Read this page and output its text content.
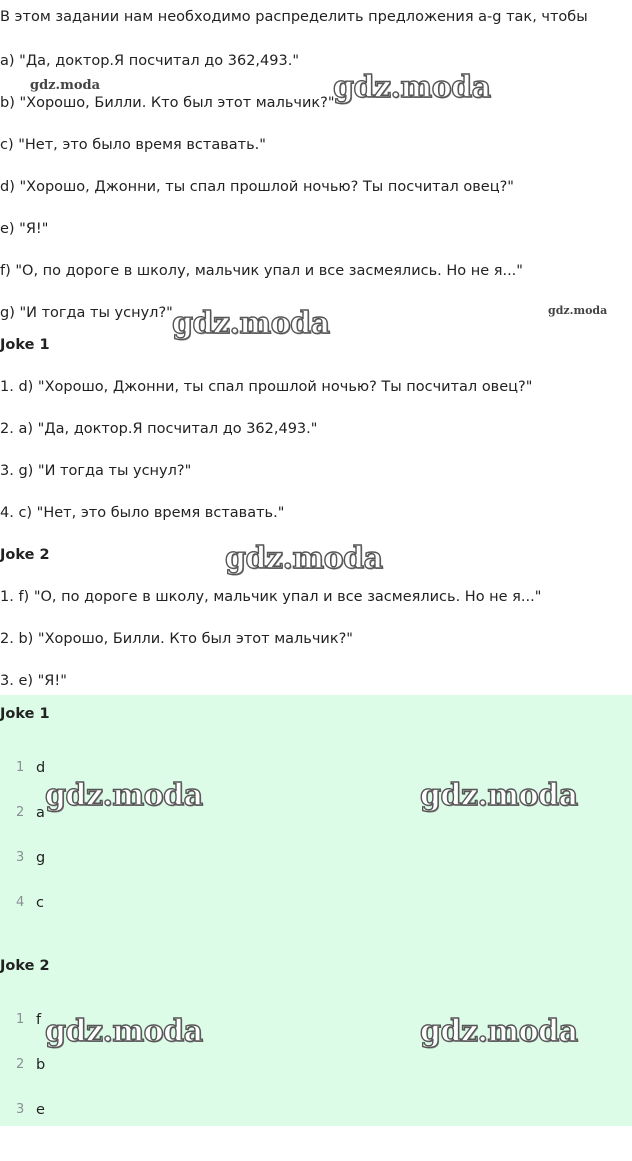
В этом задании нам необходимо распределить предложения a-g так, чтобы
a) "Да, доктор.Я посчитал до 362,493."
b) "Хорошо, Билли. Кто был этот мальчик?"
c) "Нет, это было время вставать."
d) "Хорошо, Джонни, ты спал прошлой ночью? Ты посчитал овец?"
e) "Я!"
f) "О, по дороге в школу, мальчик упал и все засмеялись. Но не я..."
g) "И тогда ты уснул?"
Joke 1
1. d) "Хорошо, Джонни, ты спал прошлой ночью? Ты посчитал овец?"
2. a) "Да, доктор.Я посчитал до 362,493."
3. g) "И тогда ты уснул?"
4. c) "Нет, это было время вставать."
Joke 2
1. f) "О, по дороге в школу, мальчик упал и все засмеялись. Но не я..."
2. b) "Хорошо, Билли. Кто был этот мальчик?"
3. e) "Я!"
Joke 1
1 d
2 a
3 g
4 c
Joke 2
1 f
2 b
3 e
gdz.moda	gdz.moda
gdz.moda
gdz.moda
gdz.moda
gdz.moda	gdz.moda
gdz.moda	gdz.moda
